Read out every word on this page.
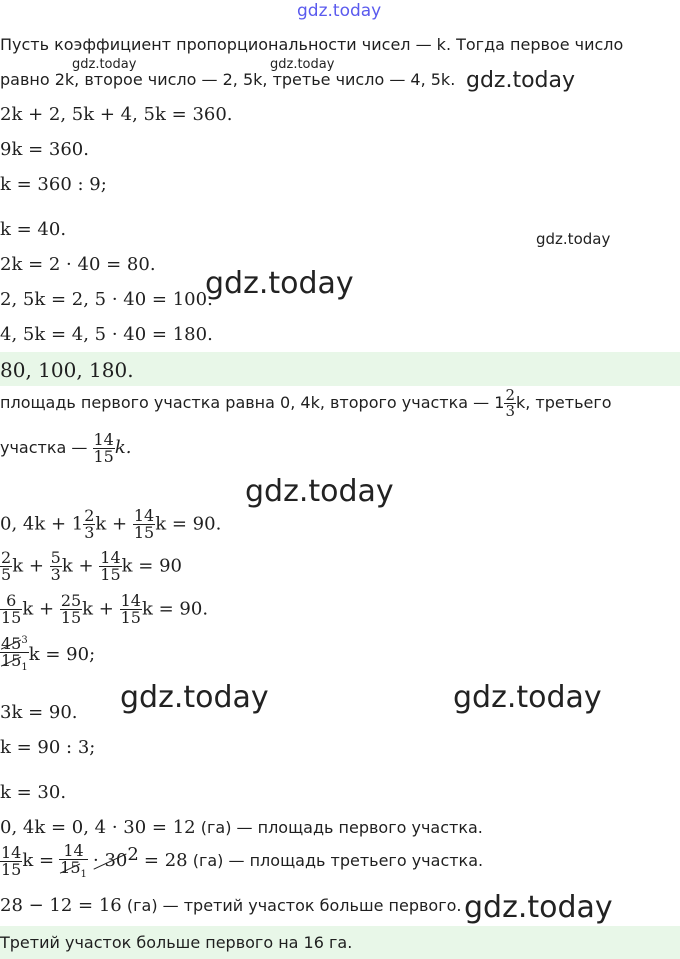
gdz.today
gdz.today	gdz.today
gdz.today
gdz.today
gdz.today
gdz.today
gdz.today	gdz.today
gdz.today
Пусть коэффициент пропорциональности чисел — k. Тогда первое число
равно 2k, второе число — 2, 5k, третье число — 4, 5k.
2k + 2, 5k + 4, 5k = 360.
9k = 360.
k = 360 : 9;
k = 40.
2k = 2 · 40 = 80.
2, 5k = 2, 5 · 40 = 100.
4, 5k = 4, 5 · 40 = 180.
80, 100, 180.
площадь первого участка равна 0, 4k, второго участка — $1 \frac{2}{3} k$, третьего
участка — $\frac{14}{15} k$.
0, $4k + 1 \frac{2}{3}$ $k + \frac{14}{15}$ k = 90.
$\frac{2}{5}$ $k + \frac{5}{3}$ $k + \frac{14}{15}$ k = 90
$\frac{6}{15}$ $k + \frac{25}{15}$ $k + \frac{14}{15}$ k = 90.
$\frac{45^3}{15_1}$ k = 90;
3k = 90.
k = 90 : 3;
k = 30.
0, 4k = 0, 4 · 30 = 12 (га) — площадь первого участка.
$\frac{14}{15}$ $k = \frac{14}{15_1} \cdot 30^2 = 28$ (га) — площадь третьего участка.
28 − 12 = 16 (га) — третий участок больше первого.
Третий участок больше первого на 16 га.
